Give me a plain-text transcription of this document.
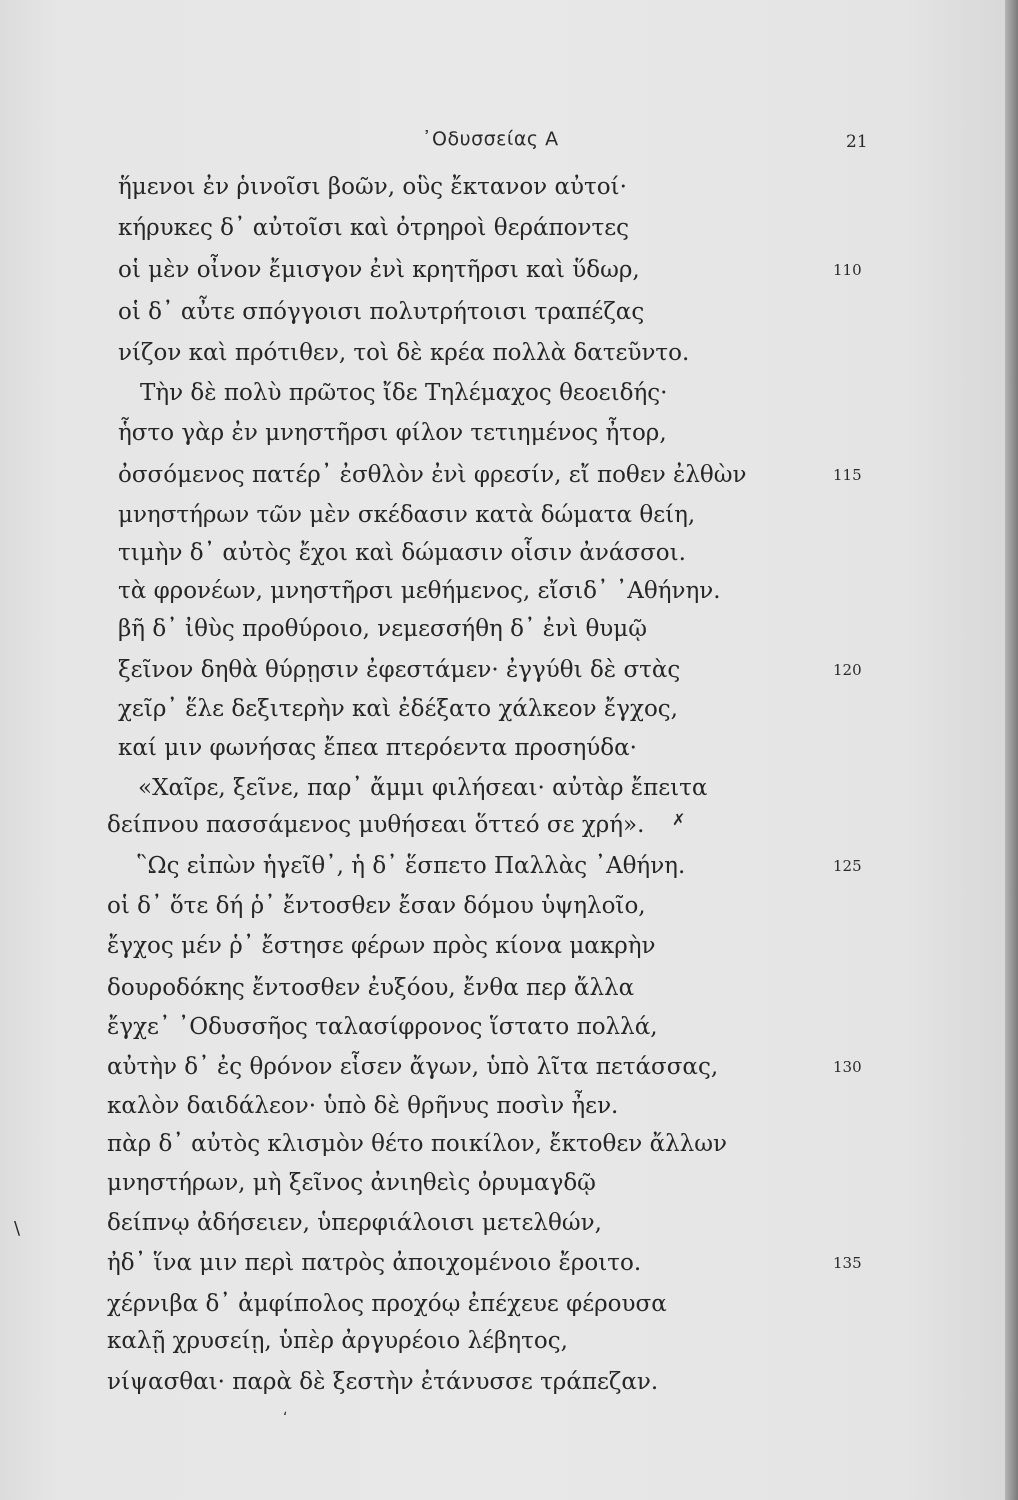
᾿Οδυσσείας Α	21
ἥμενοι ἐν ῥινοῖσι βοῶν, οὓς ἔκτανον αὐτοί·
κήρυκες δ᾿ αὐτοῖσι καὶ ὀτρηροὶ θεράποντες
οἱ μὲν οἶνον ἔμισγον ἐνὶ κρητῆρσι καὶ ὕδωρ,	110
οἱ δ᾿ αὖτε σπόγγοισι πολυτρήτοισι τραπέζας
νίζον καὶ πρότιθεν, τοὶ δὲ κρέα πολλὰ δατεῦντο.
Τὴν δὲ πολὺ πρῶτος ἴδε Τηλέμαχος θεοειδής·
ἧστο γὰρ ἐν μνηστῆρσι φίλον τετιημένος ἦτορ,
ὀσσόμενος πατέρ᾿ ἐσθλὸν ἐνὶ φρεσίν, εἴ ποθεν ἐλθὼν	115
μνηστήρων τῶν μὲν σκέδασιν κατὰ δώματα θείη,
τιμὴν δ᾿ αὐτὸς ἔχοι καὶ δώμασιν οἷσιν ἀνάσσοι.
τὰ φρονέων, μνηστῆρσι μεθήμενος, εἴσιδ᾿ ᾿Αθήνην.
βῆ δ᾿ ἰθὺς προθύροιο, νεμεσσήθη δ᾿ ἐνὶ θυμῷ
ξεῖνον δηθὰ θύρῃσιν ἐφεστάμεν· ἐγγύθι δὲ στὰς	120
χεῖρ᾿ ἕλε δεξιτερὴν καὶ ἐδέξατο χάλκεον ἔγχος,
καί μιν φωνήσας ἔπεα πτερόεντα προσηύδα·
«Χαῖρε, ξεῖνε, παρ᾿ ἄμμι φιλήσεαι· αὐτὰρ ἔπειτα
δείπνου πασσάμενος μυθήσεαι ὅττεό σε χρή».
῝Ως εἰπὼν ἡγεῖθ᾿, ἡ δ᾿ ἕσπετο Παλλὰς ᾿Αθήνη.	125
οἱ δ᾿ ὅτε δή ῥ᾿ ἔντοσθεν ἔσαν δόμου ὑψηλοῖο,
ἔγχος μέν ῥ᾿ ἔστησε φέρων πρὸς κίονα μακρὴν
δουροδόκης ἔντοσθεν ἐυξόου, ἔνθα περ ἄλλα
ἔγχε᾿ ᾿Οδυσσῆος ταλασίφρονος ἵστατο πολλά,
αὐτὴν δ᾿ ἐς θρόνον εἷσεν ἄγων, ὑπὸ λῖτα πετάσσας,	130
καλὸν δαιδάλεον· ὑπὸ δὲ θρῆνυς ποσὶν ἦεν.
πὰρ δ᾿ αὐτὸς κλισμὸν θέτο ποικίλον, ἔκτοθεν ἄλλων
μνηστήρων, μὴ ξεῖνος ἀνιηθεὶς ὀρυμαγδῷ
δείπνῳ ἀδήσειεν, ὑπερφιάλοισι μετελθών,
ἠδ᾿ ἵνα μιν περὶ πατρὸς ἀποιχομένοιο ἔροιτο.	135
χέρνιβα δ᾿ ἀμφίπολος προχόῳ ἐπέχευε φέρουσα
καλῇ χρυσείῃ, ὑπὲρ ἀργυρέοιο λέβητος,
νίψασθαι· παρὰ δὲ ξεστὴν ἐτάνυσσε τράπεζαν.
\
ʻ
✗
